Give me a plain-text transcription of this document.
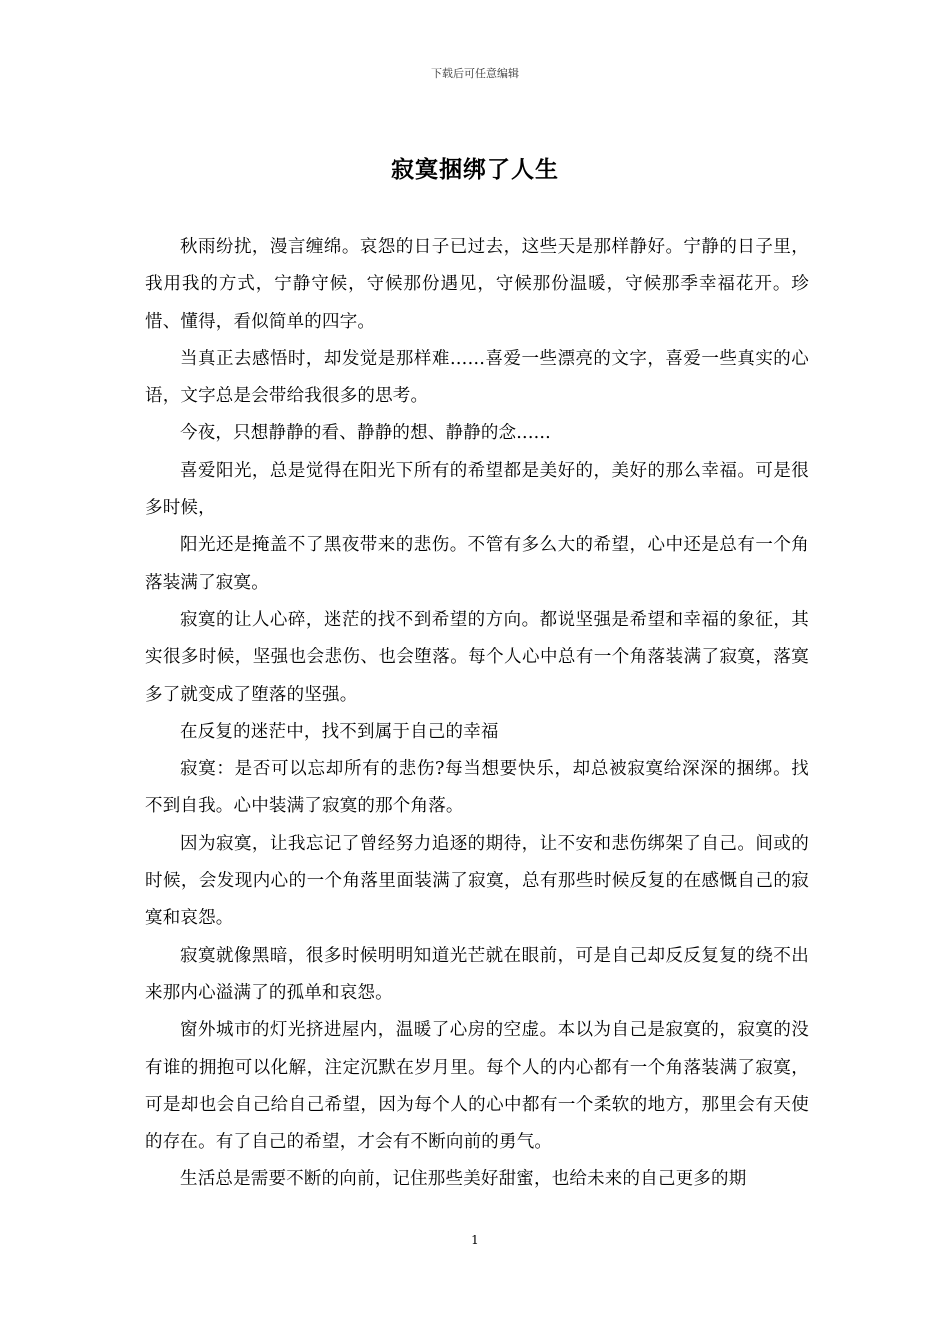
下载后可任意编辑
寂寞捆绑了人生

秋雨纷扰，漫言缠绵。哀怨的日子已过去，这些天是那样静好。宁静的日子里，我用我的方式，宁静守候，守候那份遇见，守候那份温暖，守候那季幸福花开。珍惜、懂得，看似简单的四字。

当真正去感悟时，却发觉是那样难……喜爱一些漂亮的文字，喜爱一些真实的心语，文字总是会带给我很多的思考。

今夜，只想静静的看、静静的想、静静的念......

喜爱阳光，总是觉得在阳光下所有的希望都是美好的，美好的那么幸福。可是很多时候，

阳光还是掩盖不了黑夜带来的悲伤。不管有多么大的希望，心中还是总有一个角落装满了寂寞。

寂寞的让人心碎，迷茫的找不到希望的方向。都说坚强是希望和幸福的象征，其实很多时候，坚强也会悲伤、也会堕落。每个人心中总有一个角落装满了寂寞，落寞多了就变成了堕落的坚强。

在反复的迷茫中，找不到属于自己的幸福

寂寞：是否可以忘却所有的悲伤?每当想要快乐，却总被寂寞给深深的捆绑。找不到自我。心中装满了寂寞的那个角落。

因为寂寞，让我忘记了曾经努力追逐的期待，让不安和悲伤绑架了自己。间或的时候，会发现内心的一个角落里面装满了寂寞，总有那些时候反复的在感慨自己的寂寞和哀怨。

寂寞就像黑暗，很多时候明明知道光芒就在眼前，可是自己却反反复复的绕不出来那内心溢满了的孤单和哀怨。

窗外城市的灯光挤进屋内，温暖了心房的空虚。本以为自己是寂寞的，寂寞的没有谁的拥抱可以化解，注定沉默在岁月里。每个人的内心都有一个角落装满了寂寞，可是却也会自己给自己希望，因为每个人的心中都有一个柔软的地方，那里会有天使的存在。有了自己的希望，才会有不断向前的勇气。

生活总是需要不断的向前，记住那些美好甜蜜，也给未来的自己更多的期

1
